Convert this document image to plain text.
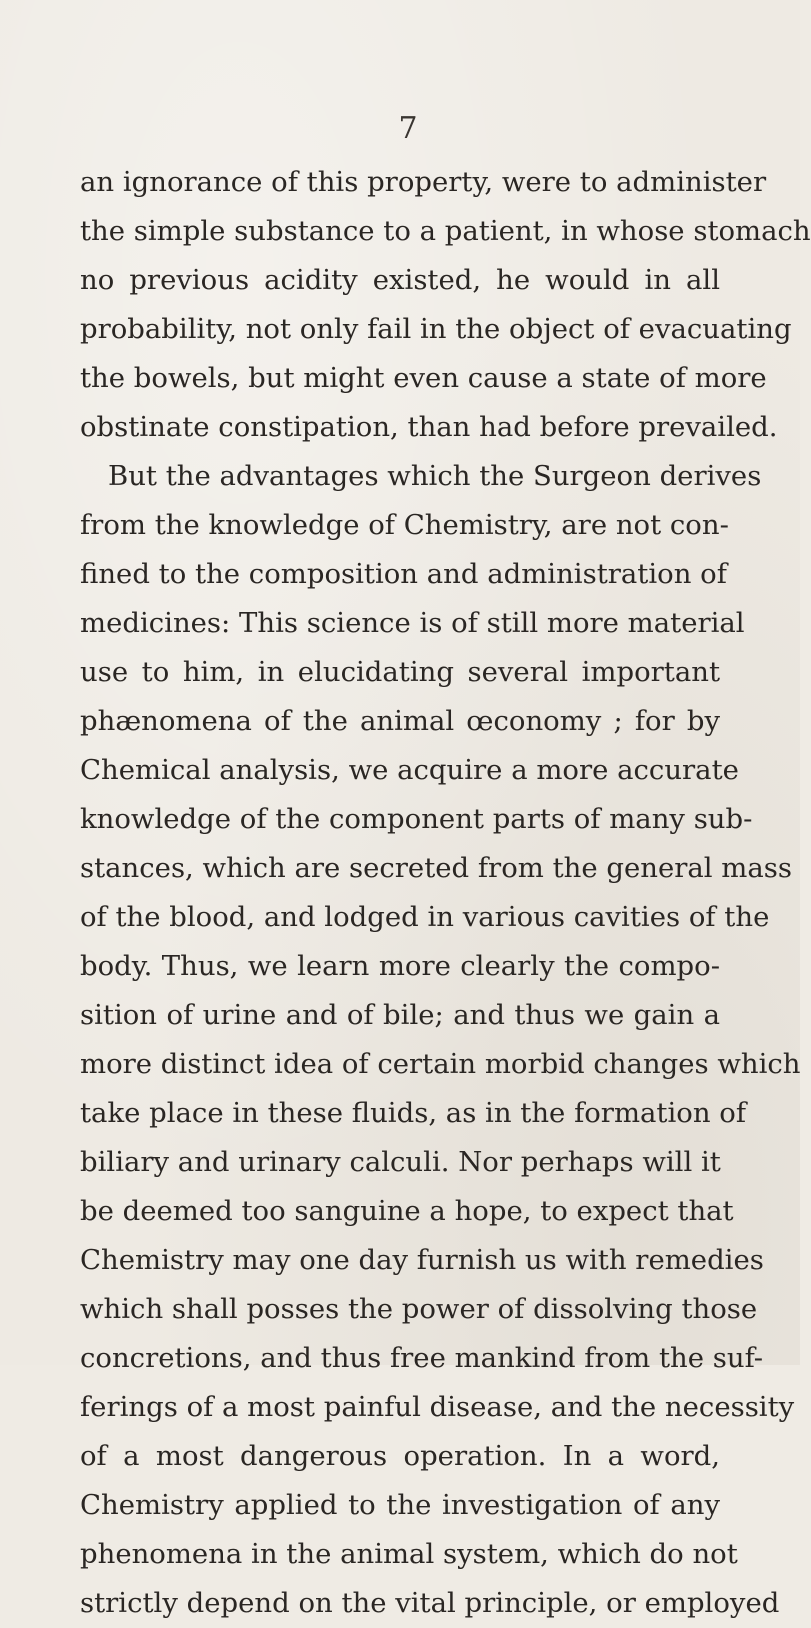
7
an ignorance of this property, were to administer
the simple substance to a patient, in whose stomach
no previous acidity existed, he would in all
probability, not only fail in the object of evacuating
the bowels, but might even cause a state of more
obstinate constipation, than had before prevailed.
But the advantages which the Surgeon derives
from the knowledge of Chemistry, are not con-
fined to the composition and administration of
medicines: This science is of still more material
use to him, in elucidating several important
phænomena of the animal œconomy ; for by
Chemical analysis, we acquire a more accurate
knowledge of the component parts of many sub-
stances, which are secreted from the general mass
of the blood, and lodged in various cavities of the
body. Thus, we learn more clearly the compo-
sition of urine and of bile; and thus we gain a
more distinct idea of certain morbid changes which
take place in these fluids, as in the formation of
biliary and urinary calculi. Nor perhaps will it
be deemed too sanguine a hope, to expect that
Chemistry may one day furnish us with remedies
which shall posses the power of dissolving those
concretions, and thus free mankind from the suf-
ferings of a most painful disease, and the necessity
of a most dangerous operation. In a word,
Chemistry applied to the investigation of any
phenomena in the animal system, which do not
strictly depend on the vital principle, or employed
